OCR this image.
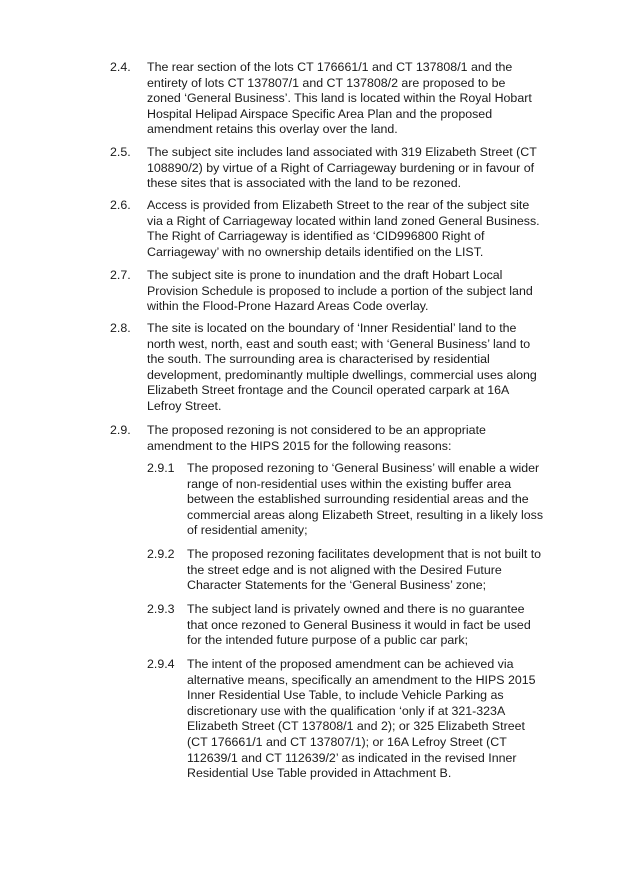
2.4. The rear section of the lots CT 176661/1 and CT 137808/1 and the
entirety of lots CT 137807/1 and CT 137808/2 are proposed to be
zoned ‘General Business’. This land is located within the Royal Hobart
Hospital Helipad Airspace Specific Area Plan and the proposed
amendment retains this overlay over the land.
2.5. The subject site includes land associated with 319 Elizabeth Street (CT
108890/2) by virtue of a Right of Carriageway burdening or in favour of
these sites that is associated with the land to be rezoned.
2.6. Access is provided from Elizabeth Street to the rear of the subject site
via a Right of Carriageway located within land zoned General Business.
The Right of Carriageway is identified as ‘CID996800 Right of
Carriageway’ with no ownership details identified on the LIST.
2.7. The subject site is prone to inundation and the draft Hobart Local
Provision Schedule is proposed to include a portion of the subject land
within the Flood-Prone Hazard Areas Code overlay.
2.8. The site is located on the boundary of ‘Inner Residential’ land to the
north west, north, east and south east; with ‘General Business’ land to
the south. The surrounding area is characterised by residential
development, predominantly multiple dwellings, commercial uses along
Elizabeth Street frontage and the Council operated carpark at 16A
Lefroy Street.
2.9. The proposed rezoning is not considered to be an appropriate
amendment to the HIPS 2015 for the following reasons:
2.9.1 The proposed rezoning to ‘General Business’ will enable a wider
range of non-residential uses within the existing buffer area
between the established surrounding residential areas and the
commercial areas along Elizabeth Street, resulting in a likely loss
of residential amenity;
2.9.2 The proposed rezoning facilitates development that is not built to
the street edge and is not aligned with the Desired Future
Character Statements for the ‘General Business’ zone;
2.9.3 The subject land is privately owned and there is no guarantee
that once rezoned to General Business it would in fact be used
for the intended future purpose of a public car park;
2.9.4 The intent of the proposed amendment can be achieved via
alternative means, specifically an amendment to the HIPS 2015
Inner Residential Use Table, to include Vehicle Parking as
discretionary use with the qualification ‘only if at 321-323A
Elizabeth Street (CT 137808/1 and 2); or 325 Elizabeth Street
(CT 176661/1 and CT 137807/1); or 16A Lefroy Street (CT
112639/1 and CT 112639/2’ as indicated in the revised Inner
Residential Use Table provided in Attachment B.
